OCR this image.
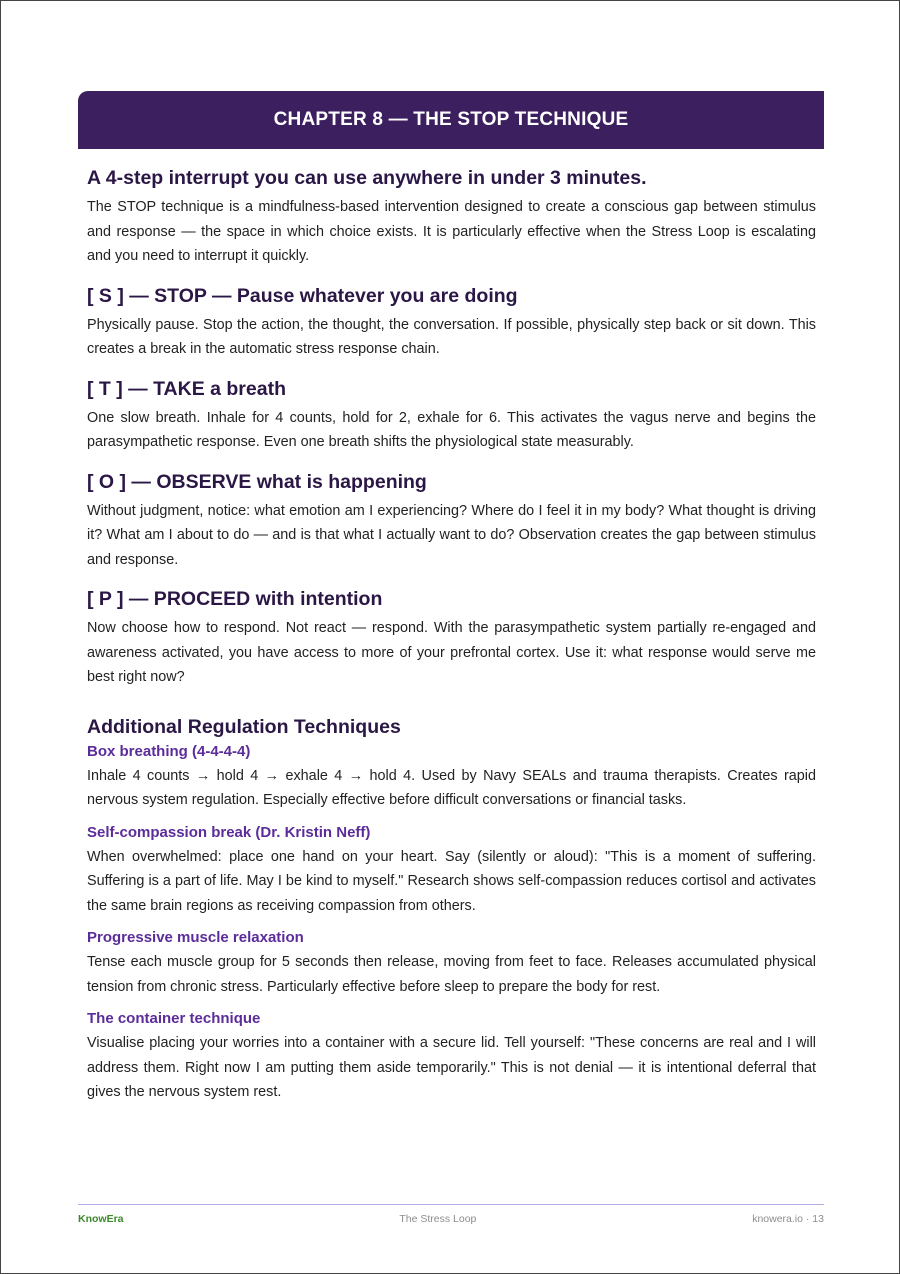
CHAPTER 8 — THE STOP TECHNIQUE
A 4-step interrupt you can use anywhere in under 3 minutes.

The STOP technique is a mindfulness-based intervention designed to create a conscious gap between stimulus and response — the space in which choice exists. It is particularly effective when the Stress Loop is escalating and you need to interrupt it quickly.

[ S ] — STOP — Pause whatever you are doing

Physically pause. Stop the action, the thought, the conversation. If possible, physically step back or sit down. This creates a break in the automatic stress response chain.

[ T ] — TAKE a breath

One slow breath. Inhale for 4 counts, hold for 2, exhale for 6. This activates the vagus nerve and begins the parasympathetic response. Even one breath shifts the physiological state measurably.

[ O ] — OBSERVE what is happening

Without judgment, notice: what emotion am I experiencing? Where do I feel it in my body? What thought is driving it? What am I about to do — and is that what I actually want to do? Observation creates the gap between stimulus and response.

[ P ] — PROCEED with intention

Now choose how to respond. Not react — respond. With the parasympathetic system partially re-engaged and awareness activated, you have access to more of your prefrontal cortex. Use it: what response would serve me best right now?

Additional Regulation Techniques
Box breathing (4-4-4-4)

Inhale 4 counts → hold 4 → exhale 4 → hold 4. Used by Navy SEALs and trauma therapists. Creates rapid nervous system regulation. Especially effective before difficult conversations or financial tasks.

Self-compassion break (Dr. Kristin Neff)

When overwhelmed: place one hand on your heart. Say (silently or aloud): "This is a moment of suffering. Suffering is a part of life. May I be kind to myself." Research shows self-compassion reduces cortisol and activates the same brain regions as receiving compassion from others.

Progressive muscle relaxation

Tense each muscle group for 5 seconds then release, moving from feet to face. Releases accumulated physical tension from chronic stress. Particularly effective before sleep to prepare the body for rest.

The container technique

Visualise placing your worries into a container with a secure lid. Tell yourself: "These concerns are real and I will address them. Right now I am putting them aside temporarily." This is not denial — it is intentional deferral that gives the nervous system rest.

KnowEra	The Stress Loop	knowera.io · 13
